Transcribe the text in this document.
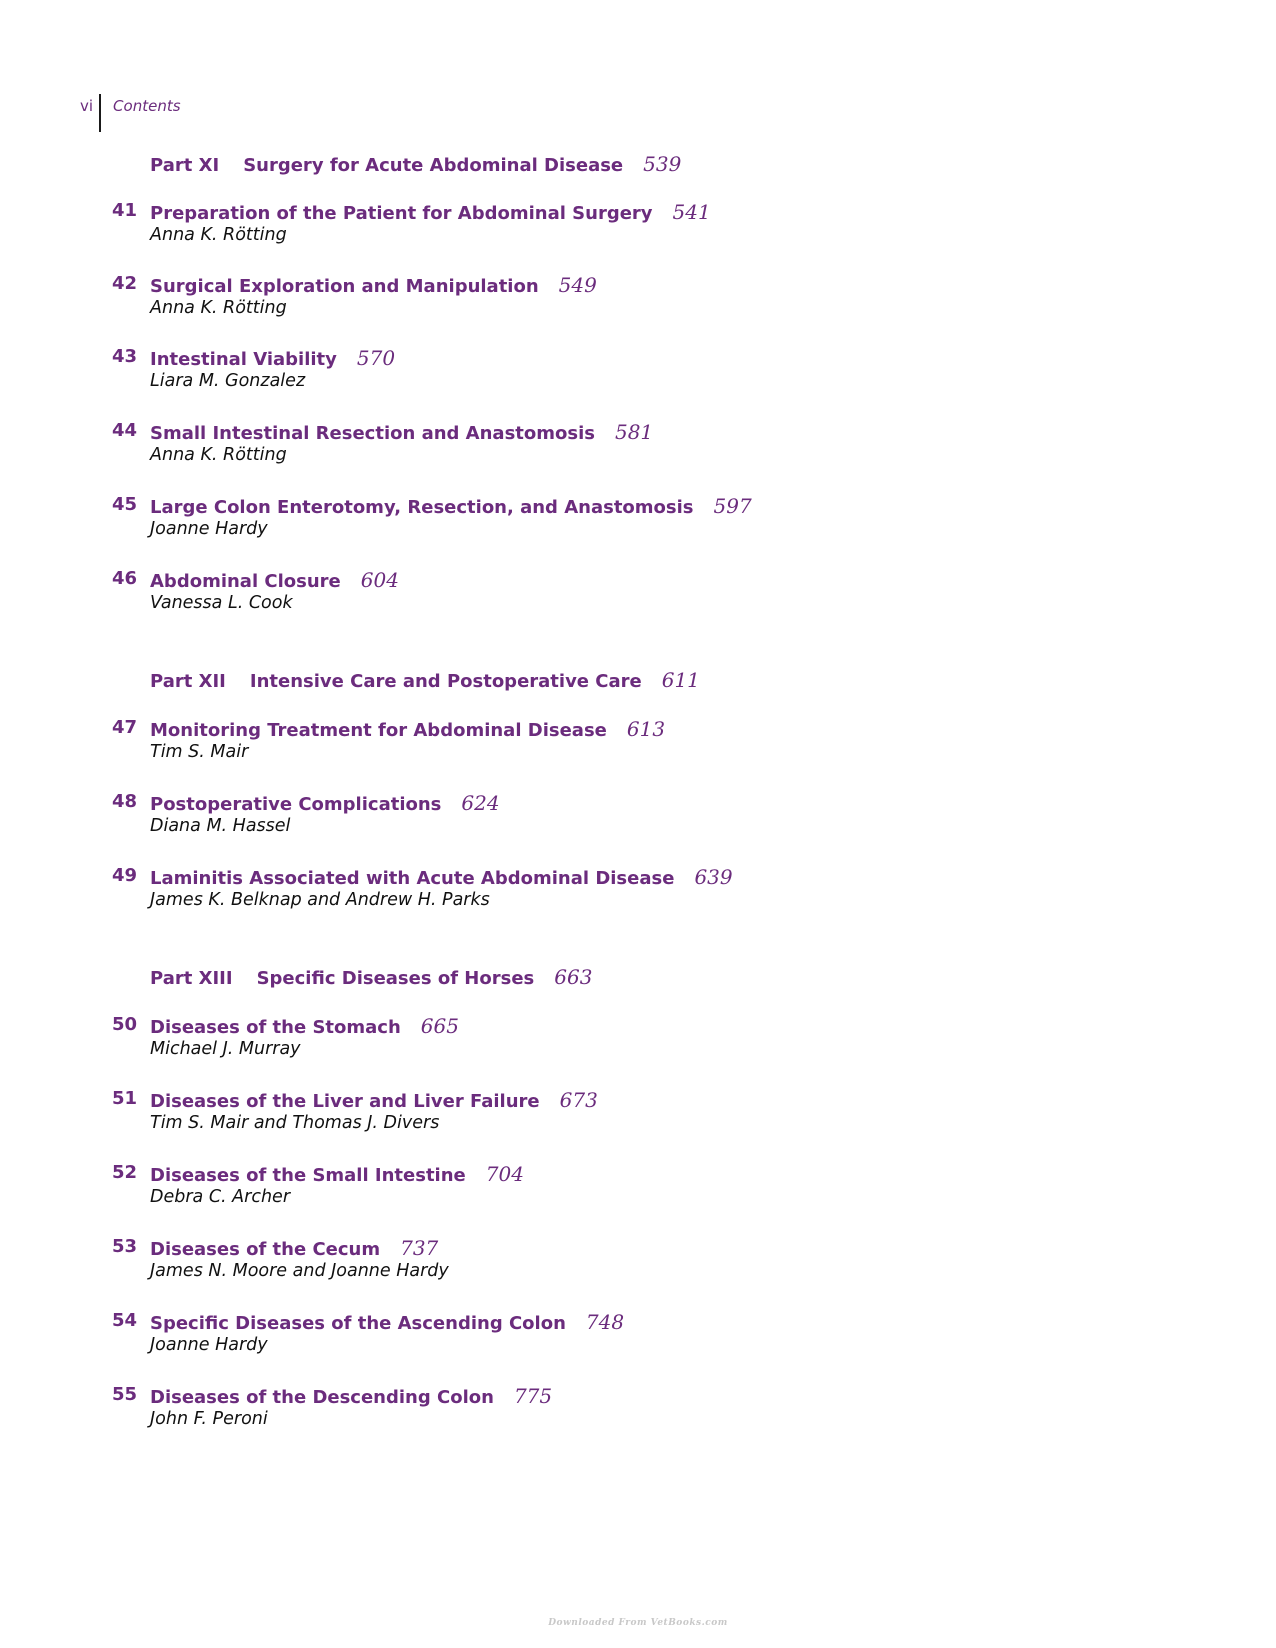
vi Contents
Part XI Surgery for Acute Abdominal Disease 539
41 Preparation of the Patient for Abdominal Surgery 541
Anna K. Rötting
42 Surgical Exploration and Manipulation 549
Anna K. Rötting
43 Intestinal Viability 570
Liara M. Gonzalez
44 Small Intestinal Resection and Anastomosis 581
Anna K. Rötting
45 Large Colon Enterotomy, Resection, and Anastomosis 597
Joanne Hardy
46 Abdominal Closure 604
Vanessa L. Cook
Part XII Intensive Care and Postoperative Care 611
47 Monitoring Treatment for Abdominal Disease 613
Tim S. Mair
48 Postoperative Complications 624
Diana M. Hassel
49 Laminitis Associated with Acute Abdominal Disease 639
James K. Belknap and Andrew H. Parks
Part XIII Specific Diseases of Horses 663
50 Diseases of the Stomach 665
Michael J. Murray
51 Diseases of the Liver and Liver Failure 673
Tim S. Mair and Thomas J. Divers
52 Diseases of the Small Intestine 704
Debra C. Archer
53 Diseases of the Cecum 737
James N. Moore and Joanne Hardy
54 Specific Diseases of the Ascending Colon 748
Joanne Hardy
55 Diseases of the Descending Colon 775
John F. Peroni
Downloaded From VetBooks.com
